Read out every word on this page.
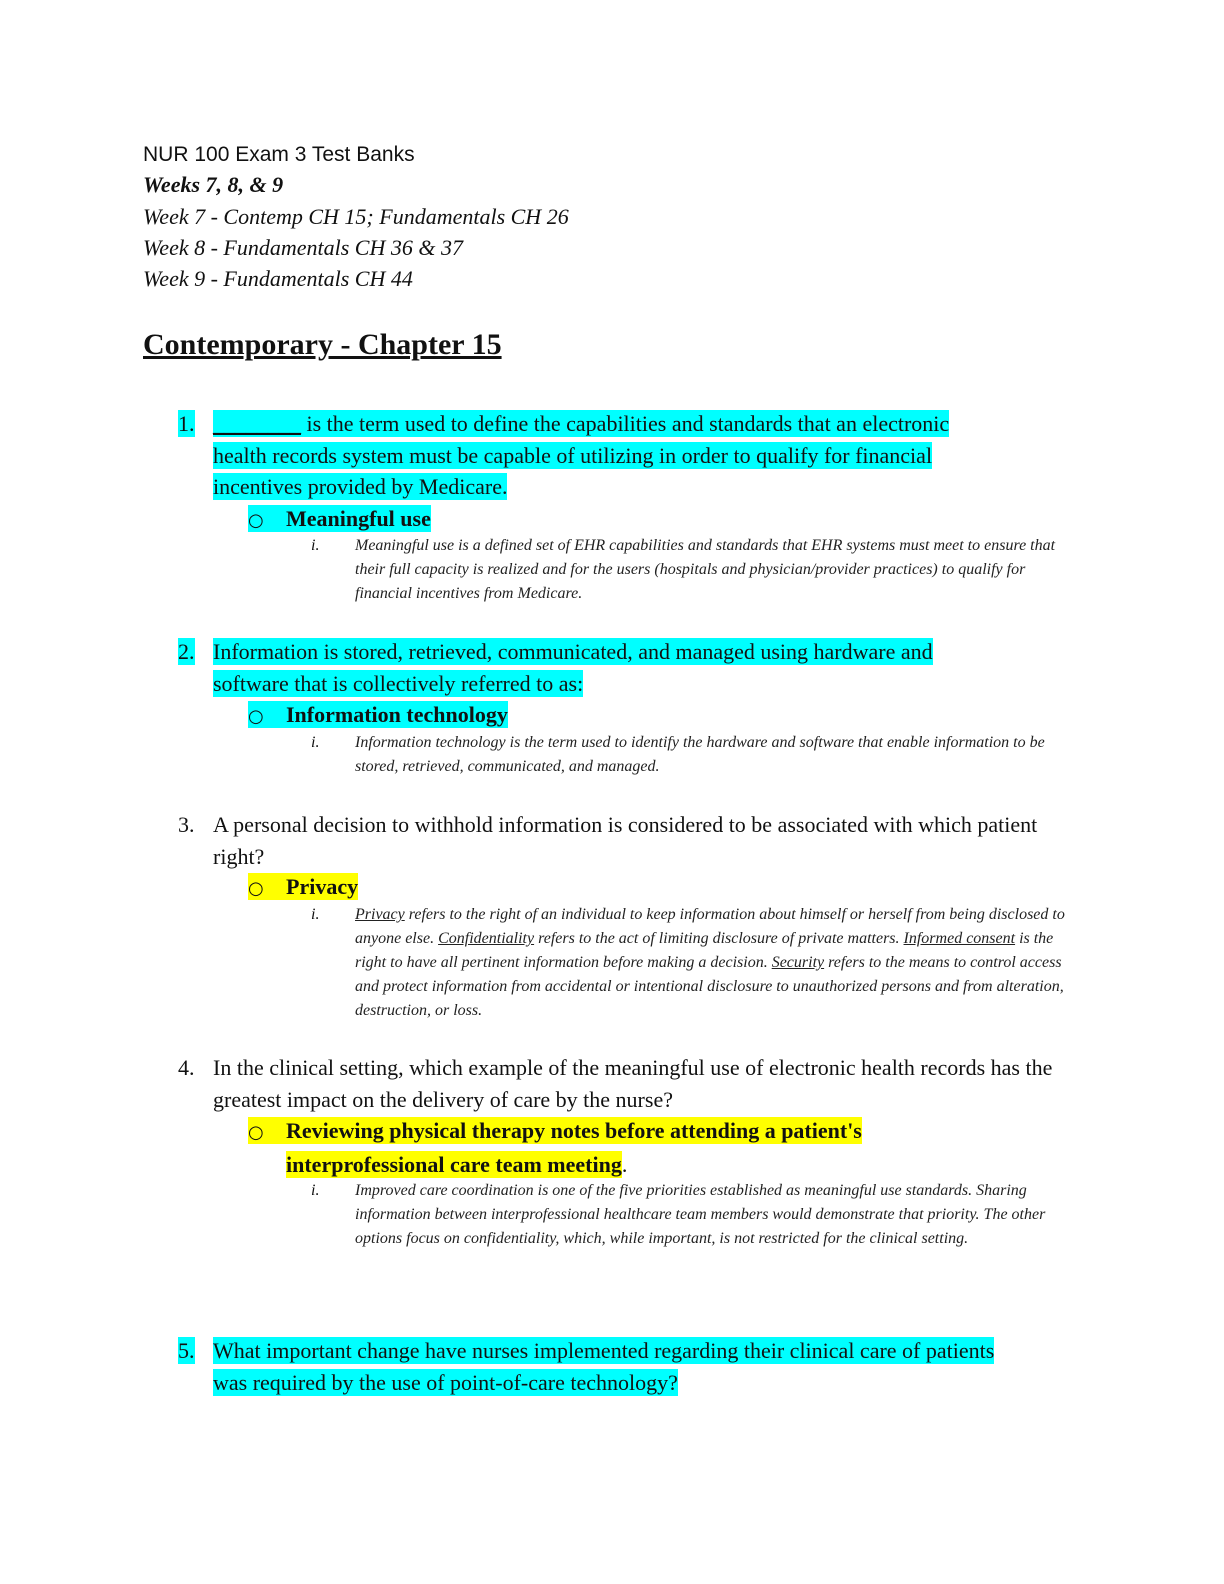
NUR 100 Exam 3 Test Banks
Weeks 7, 8, & 9
Week 7 - Contemp CH 15; Fundamentals CH 26
Week 8 - Fundamentals CH 36 & 37
Week 9 - Fundamentals CH 44
Contemporary - Chapter 15
1. ________ is the term used to define the capabilities and standards that an electronic
health records system must be capable of utilizing in order to qualify for financial
incentives provided by Medicare.
○ Meaningful use
i. Meaningful use is a defined set of EHR capabilities and standards that EHR systems must meet to ensure that their full capacity is realized and for the users (hospitals and physician/provider practices) to qualify for financial incentives from Medicare.
2. Information is stored, retrieved, communicated, and managed using hardware and
software that is collectively referred to as:
○ Information technology
i. Information technology is the term used to identify the hardware and software that enable information to be stored, retrieved, communicated, and managed.
3. A personal decision to withhold information is considered to be associated with which patient right?
○ Privacy
i. Privacy refers to the right of an individual to keep information about himself or herself from being disclosed to anyone else. Confidentiality refers to the act of limiting disclosure of private matters. Informed consent is the right to have all pertinent information before making a decision. Security refers to the means to control access and protect information from accidental or intentional disclosure to unauthorized persons and from alteration, destruction, or loss.
4. In the clinical setting, which example of the meaningful use of electronic health records has the greatest impact on the delivery of care by the nurse?
○ Reviewing physical therapy notes before attending a patient's
interprofessional care team meeting.
i. Improved care coordination is one of the five priorities established as meaningful use standards. Sharing information between interprofessional healthcare team members would demonstrate that priority. The other options focus on confidentiality, which, while important, is not restricted for the clinical setting.
5. What important change have nurses implemented regarding their clinical care of patients
was required by the use of point-of-care technology?
